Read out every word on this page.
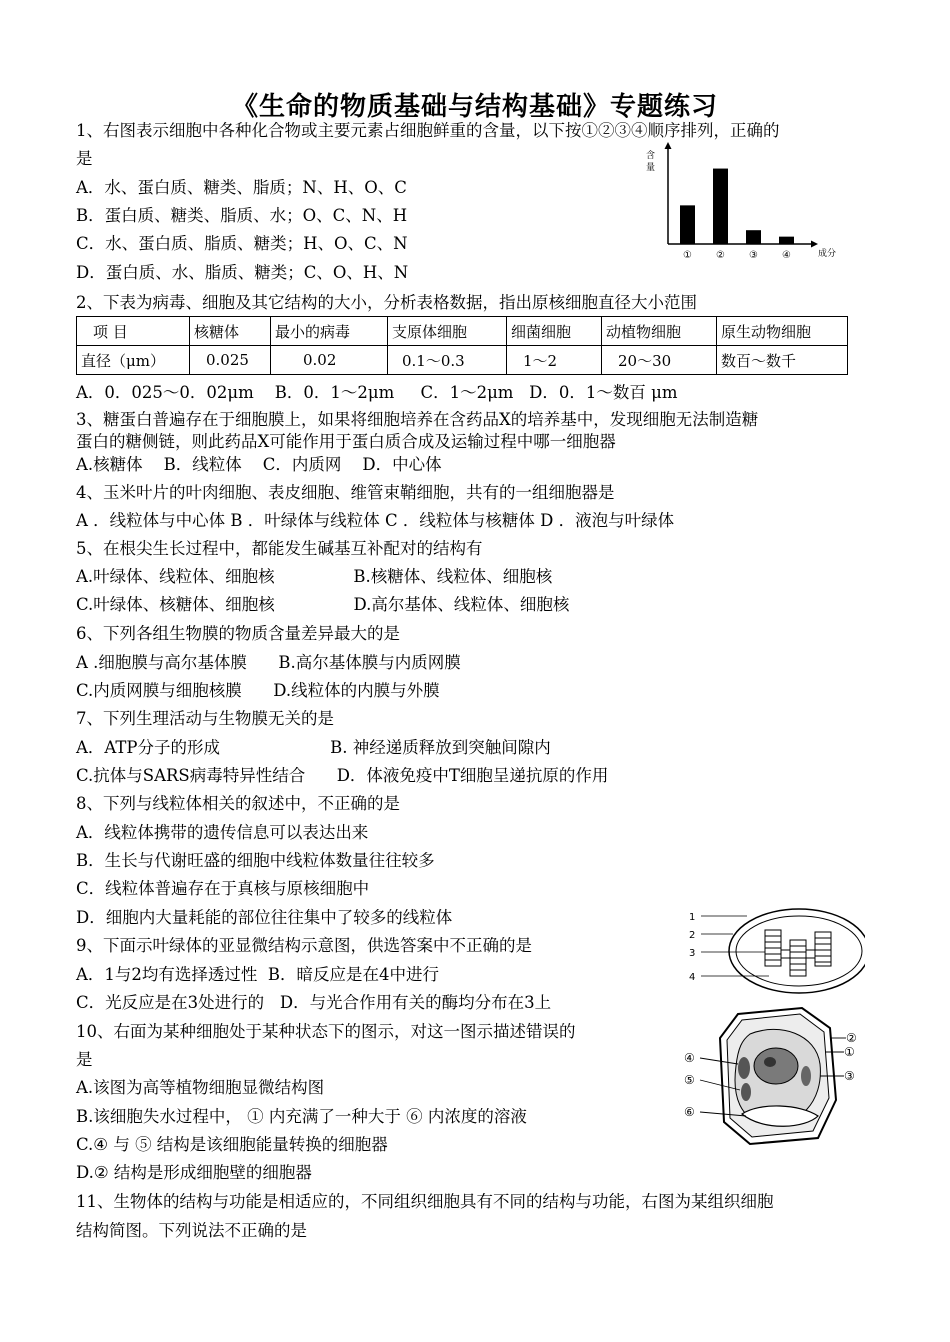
《生命的物质基础与结构基础》专题练习
1、右图表示细胞中各种化合物或主要元素占细胞鲜重的含量，以下按①②③④顺序排列，正确的
是
A．水、蛋白质、糖类、脂质；N、H、O、C
B．蛋白质、糖类、脂质、水；O、C、N、H
C．水、蛋白质、脂质、糖类；H、O、C、N
D．蛋白质、水、脂质、糖类；C、O、H、N
含
量
成分
① ② ③ ④
2、下表为病毒、细胞及其它结构的大小，分析表格数据，指出原核细胞直径大小范围
项 目	核糖体	最小的病毒	支原体细胞	细菌细胞	动植物细胞	原生动物细胞
直径（μm）	0.025	0.02	0.1～0.3	1～2	20～30	数百～数千
A．0．025～0．02μm    B．0．1～2μm     C．1～2μm   D．0．1～数百 μm
3、糖蛋白普遍存在于细胞膜上，如果将细胞培养在含药品X的培养基中，发现细胞无法制造糖
蛋白的糖侧链，则此药品X可能作用于蛋白质合成及运输过程中哪一细胞器
A.核糖体    B．线粒体    C．内质网    D．中心体
4、玉米叶片的叶肉细胞、表皮细胞、维管束鞘细胞，共有的一组细胞器是
A ．线粒体与中心体 B ．叶绿体与线粒体 C ．线粒体与核糖体 D ．液泡与叶绿体
5、在根尖生长过程中，都能发生碱基互补配对的结构有
A.叶绿体、线粒体、细胞核               B.核糖体、线粒体、细胞核
C.叶绿体、核糖体、细胞核               D.高尔基体、线粒体、细胞核
6、下列各组生物膜的物质含量差异最大的是
A .细胞膜与高尔基体膜      B.高尔基体膜与内质网膜
C.内质网膜与细胞核膜      D.线粒体的内膜与外膜
7、下列生理活动与生物膜无关的是
A．ATP分子的形成                     B. 神经递质释放到突触间隙内
C.抗体与SARS病毒特异性结合      D．体液免疫中T细胞呈递抗原的作用
8、下列与线粒体相关的叙述中，不正确的是
A．线粒体携带的遗传信息可以表达出来
B．生长与代谢旺盛的细胞中线粒体数量往往较多
C．线粒体普遍存在于真核与原核细胞中
D．细胞内大量耗能的部位往往集中了较多的线粒体
9、下面示叶绿体的亚显微结构示意图，供选答案中不正确的是
A．1与2均有选择透过性  B．暗反应是在4中进行
C．光反应是在3处进行的   D．与光合作用有关的酶均分布在3上
1
2
3
4
10、右面为某种细胞处于某种状态下的图示，对这一图示描述错误的
是
A.该图为高等植物细胞显微结构图
B.该细胞失水过程中， ① 内充满了一种大于 ⑥ 内浓度的溶液
C.④ 与 ⑤ 结构是该细胞能量转换的细胞器
D.② 结构是形成细胞壁的细胞器
②
①
④
⑤	③
⑥
11、生物体的结构与功能是相适应的，不同组织细胞具有不同的结构与功能，右图为某组织细胞
结构简图。下列说法不正确的是
